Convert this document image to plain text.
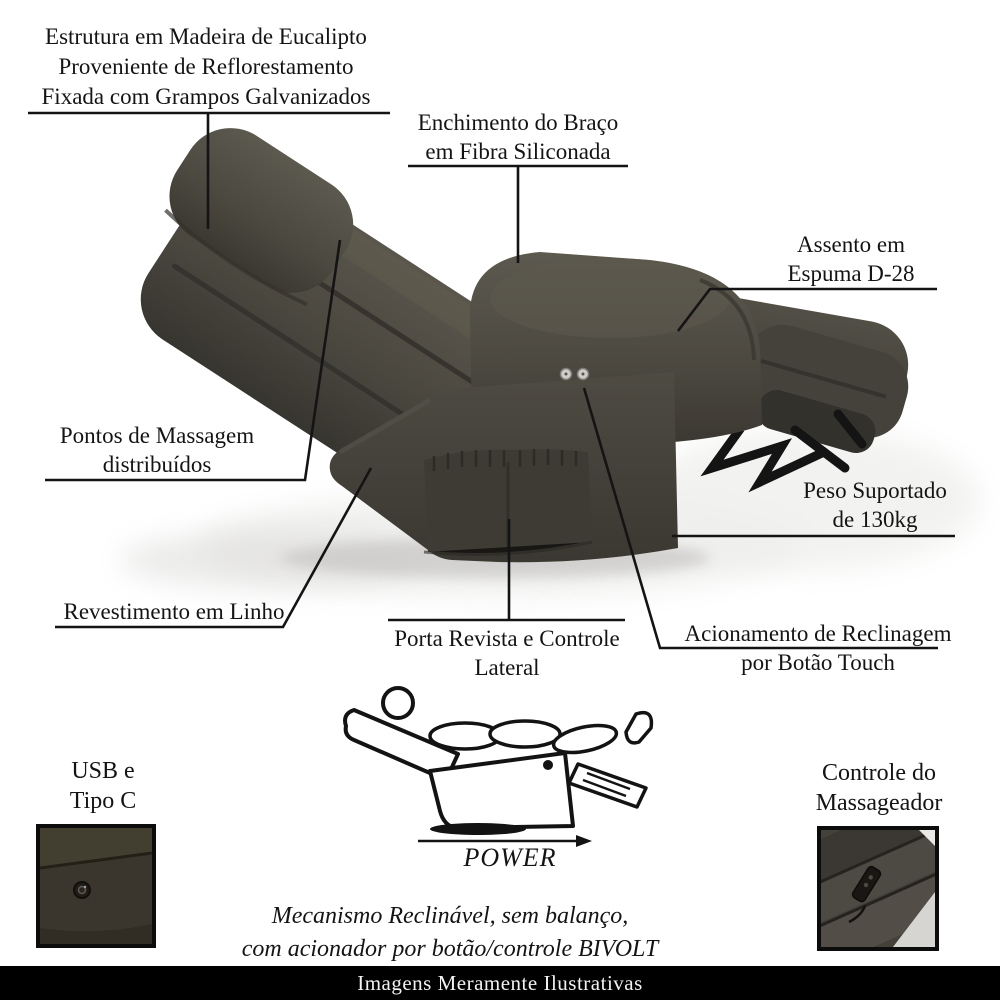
Estrutura em Madeira de Eucalipto
Proveniente de Reflorestamento
Fixada com Grampos Galvanizados
Enchimento do Braço
em Fibra Siliconada
Assento em
Espuma D-28
Pontos de Massagem
distribuídos
Peso Suportado
de 130kg
Revestimento em Linho
Porta Revista e Controle
Lateral
Acionamento de Reclinagem
por Botão Touch
USB e
Tipo C
Controle do
Massageador
POWER
Mecanismo Reclinável, sem balanço,
com acionador por botão/controle BIVOLT
Imagens Meramente Ilustrativas
